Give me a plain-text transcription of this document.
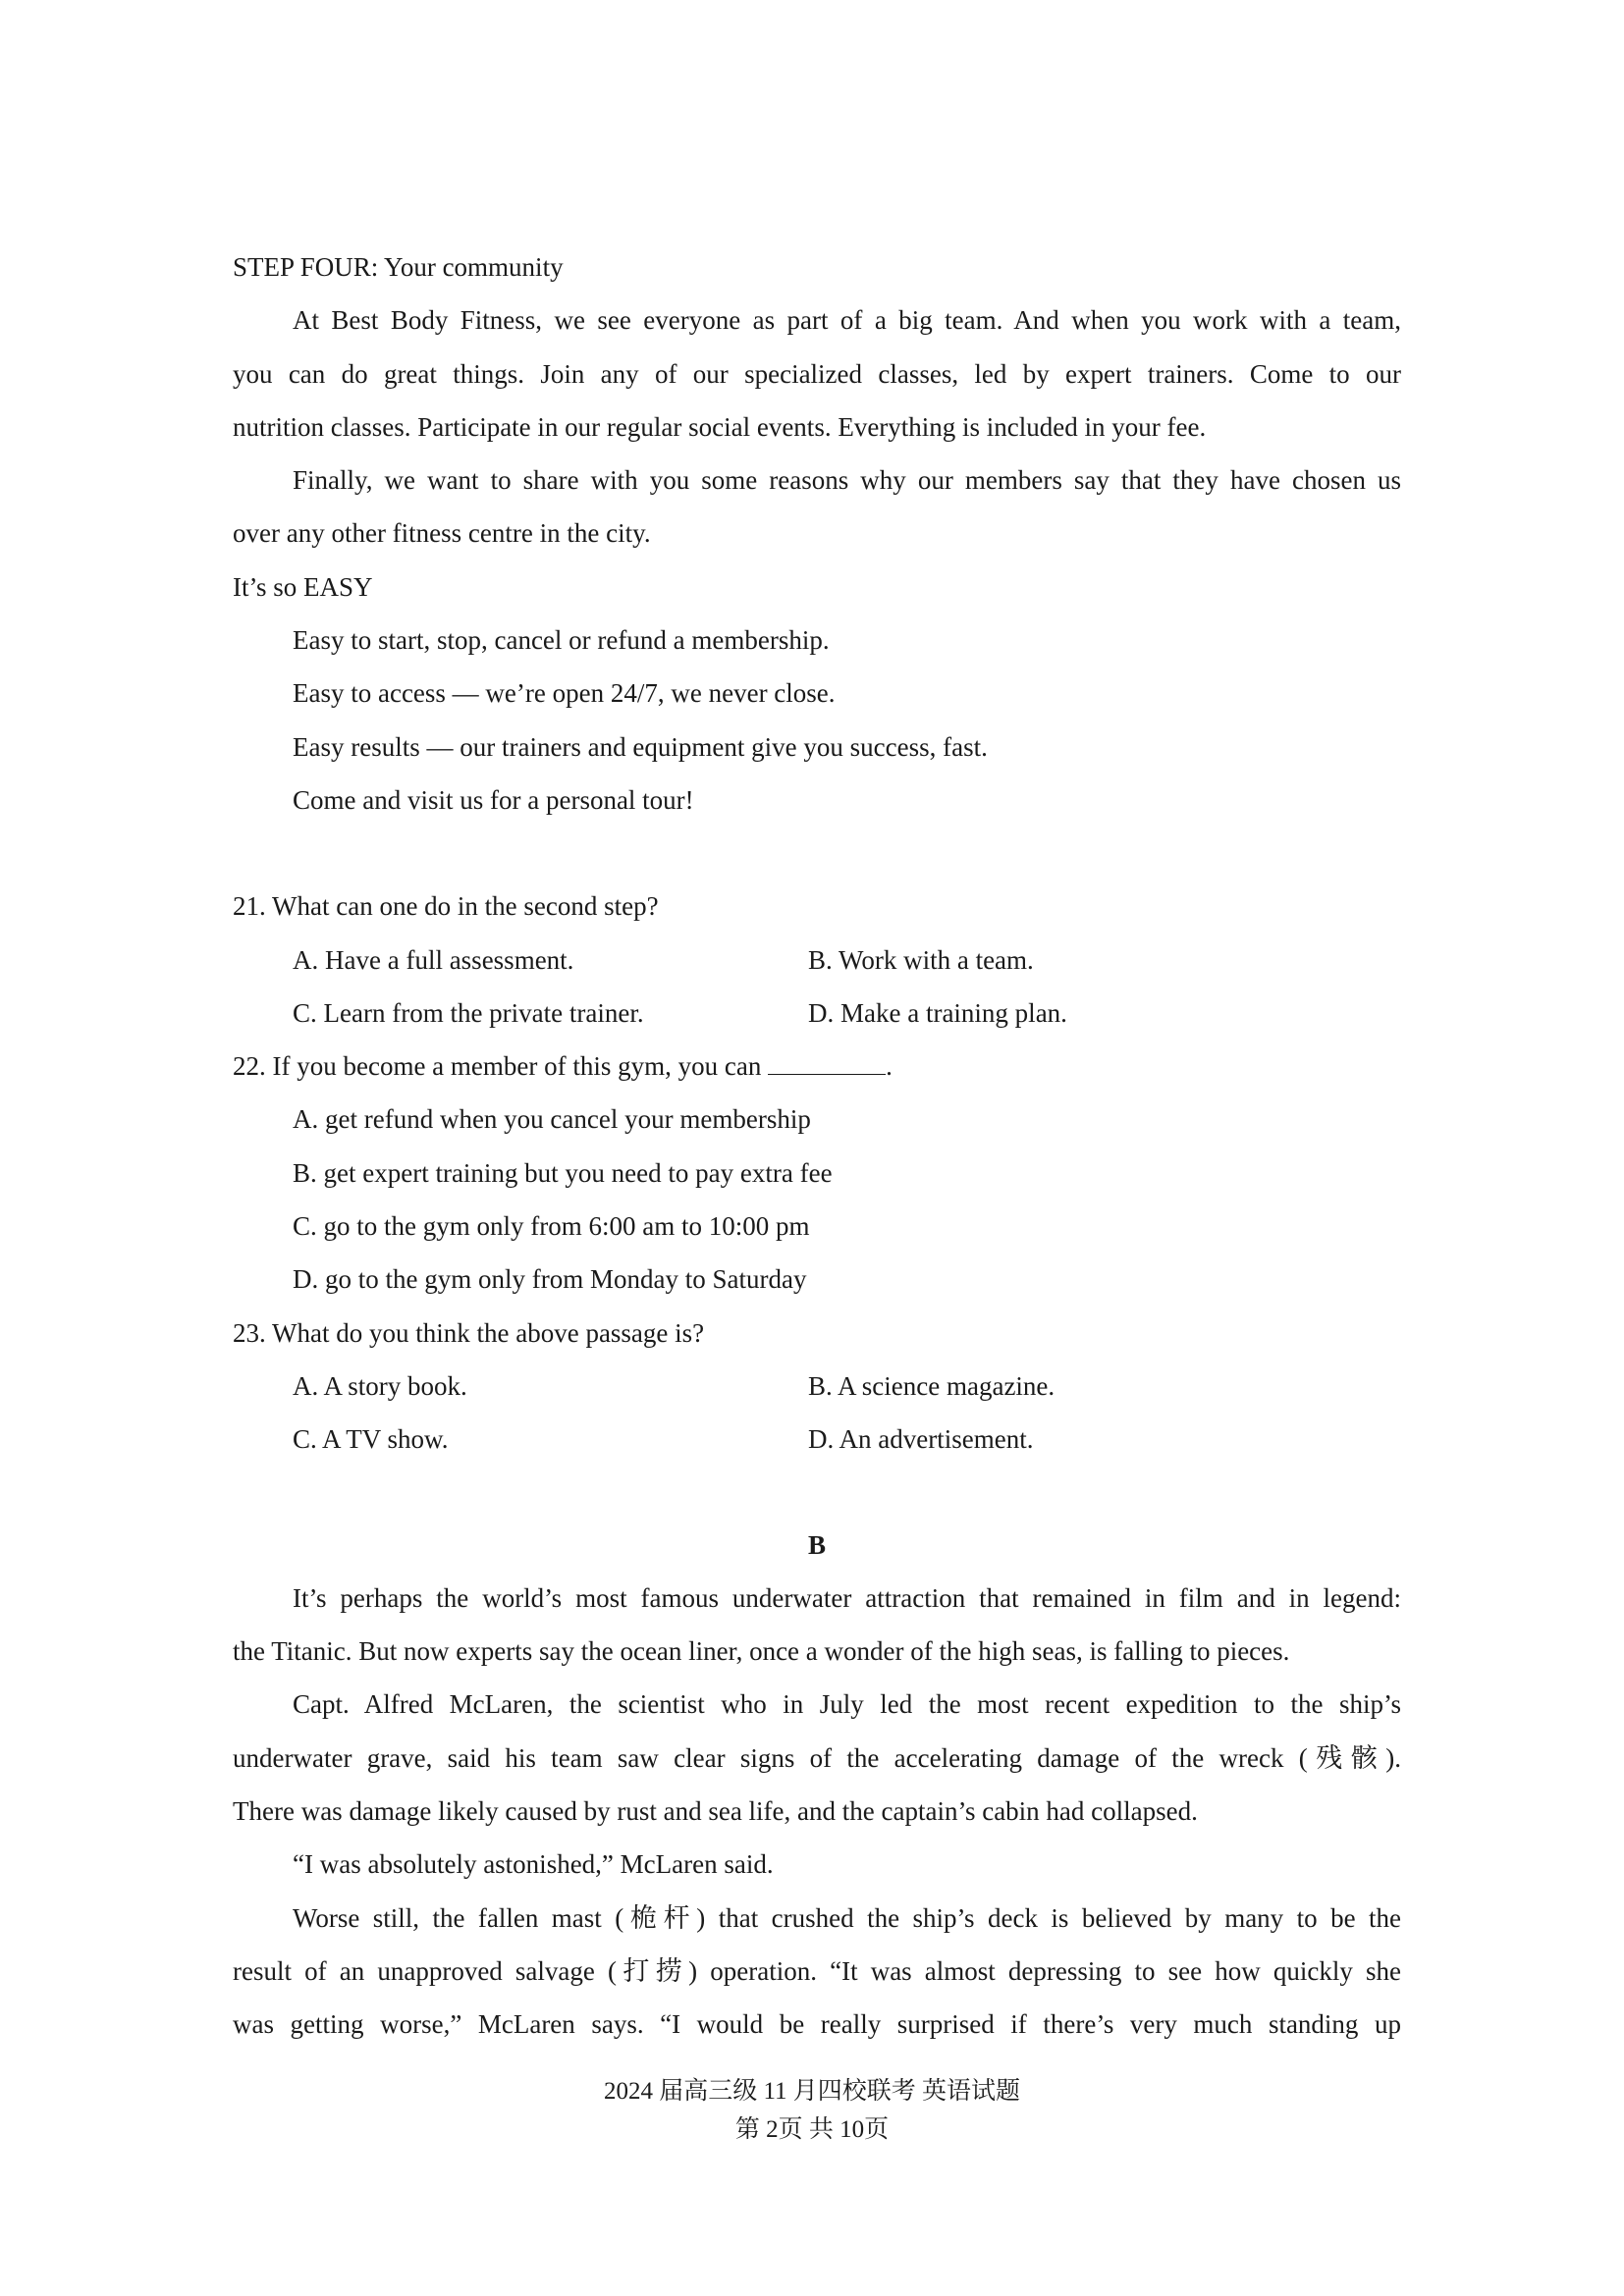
STEP FOUR: Your community
At Best Body Fitness, we see everyone as part of a big team. And when you work with a team,
you can do great things. Join any of our specialized classes, led by expert trainers. Come to our
nutrition classes. Participate in our regular social events. Everything is included in your fee.
Finally, we want to share with you some reasons why our members say that they have chosen us
over any other fitness centre in the city.
It’s so EASY
Easy to start, stop, cancel or refund a membership.
Easy to access — we’re open 24/7, we never close.
Easy results — our trainers and equipment give you success, fast.
Come and visit us for a personal tour!
21. What can one do in the second step?
A. Have a full assessment.	B. Work with a team.
C. Learn from the private trainer.	D. Make a training plan.
22. If you become a member of this gym, you can	.
A. get refund when you cancel your membership
B. get expert training but you need to pay extra fee
C. go to the gym only from 6:00 am to 10:00 pm
D. go to the gym only from Monday to Saturday
23. What do you think the above passage is?
A. A story book.	B. A science magazine.
C. A TV show.	D. An advertisement.
B
It’s perhaps the world’s most famous underwater attraction that remained in film and in legend:
the Titanic. But now experts say the ocean liner, once a wonder of the high seas, is falling to pieces.
Capt. Alfred McLaren, the scientist who in July led the most recent expedition to the ship’s
underwater grave, said his team saw clear signs of the accelerating damage of the wreck (残骸).
There was damage likely caused by rust and sea life, and the captain’s cabin had collapsed.
“I was absolutely astonished,” McLaren said.
Worse still, the fallen mast (桅杆) that crushed the ship’s deck is believed by many to be the
result of an unapproved salvage (打捞) operation. “It was almost depressing to see how quickly she
was getting worse,” McLaren says. “I would be really surprised if there’s very much standing up
2024 届高三级 11 月四校联考 英语试题
第 2页 共 10页
